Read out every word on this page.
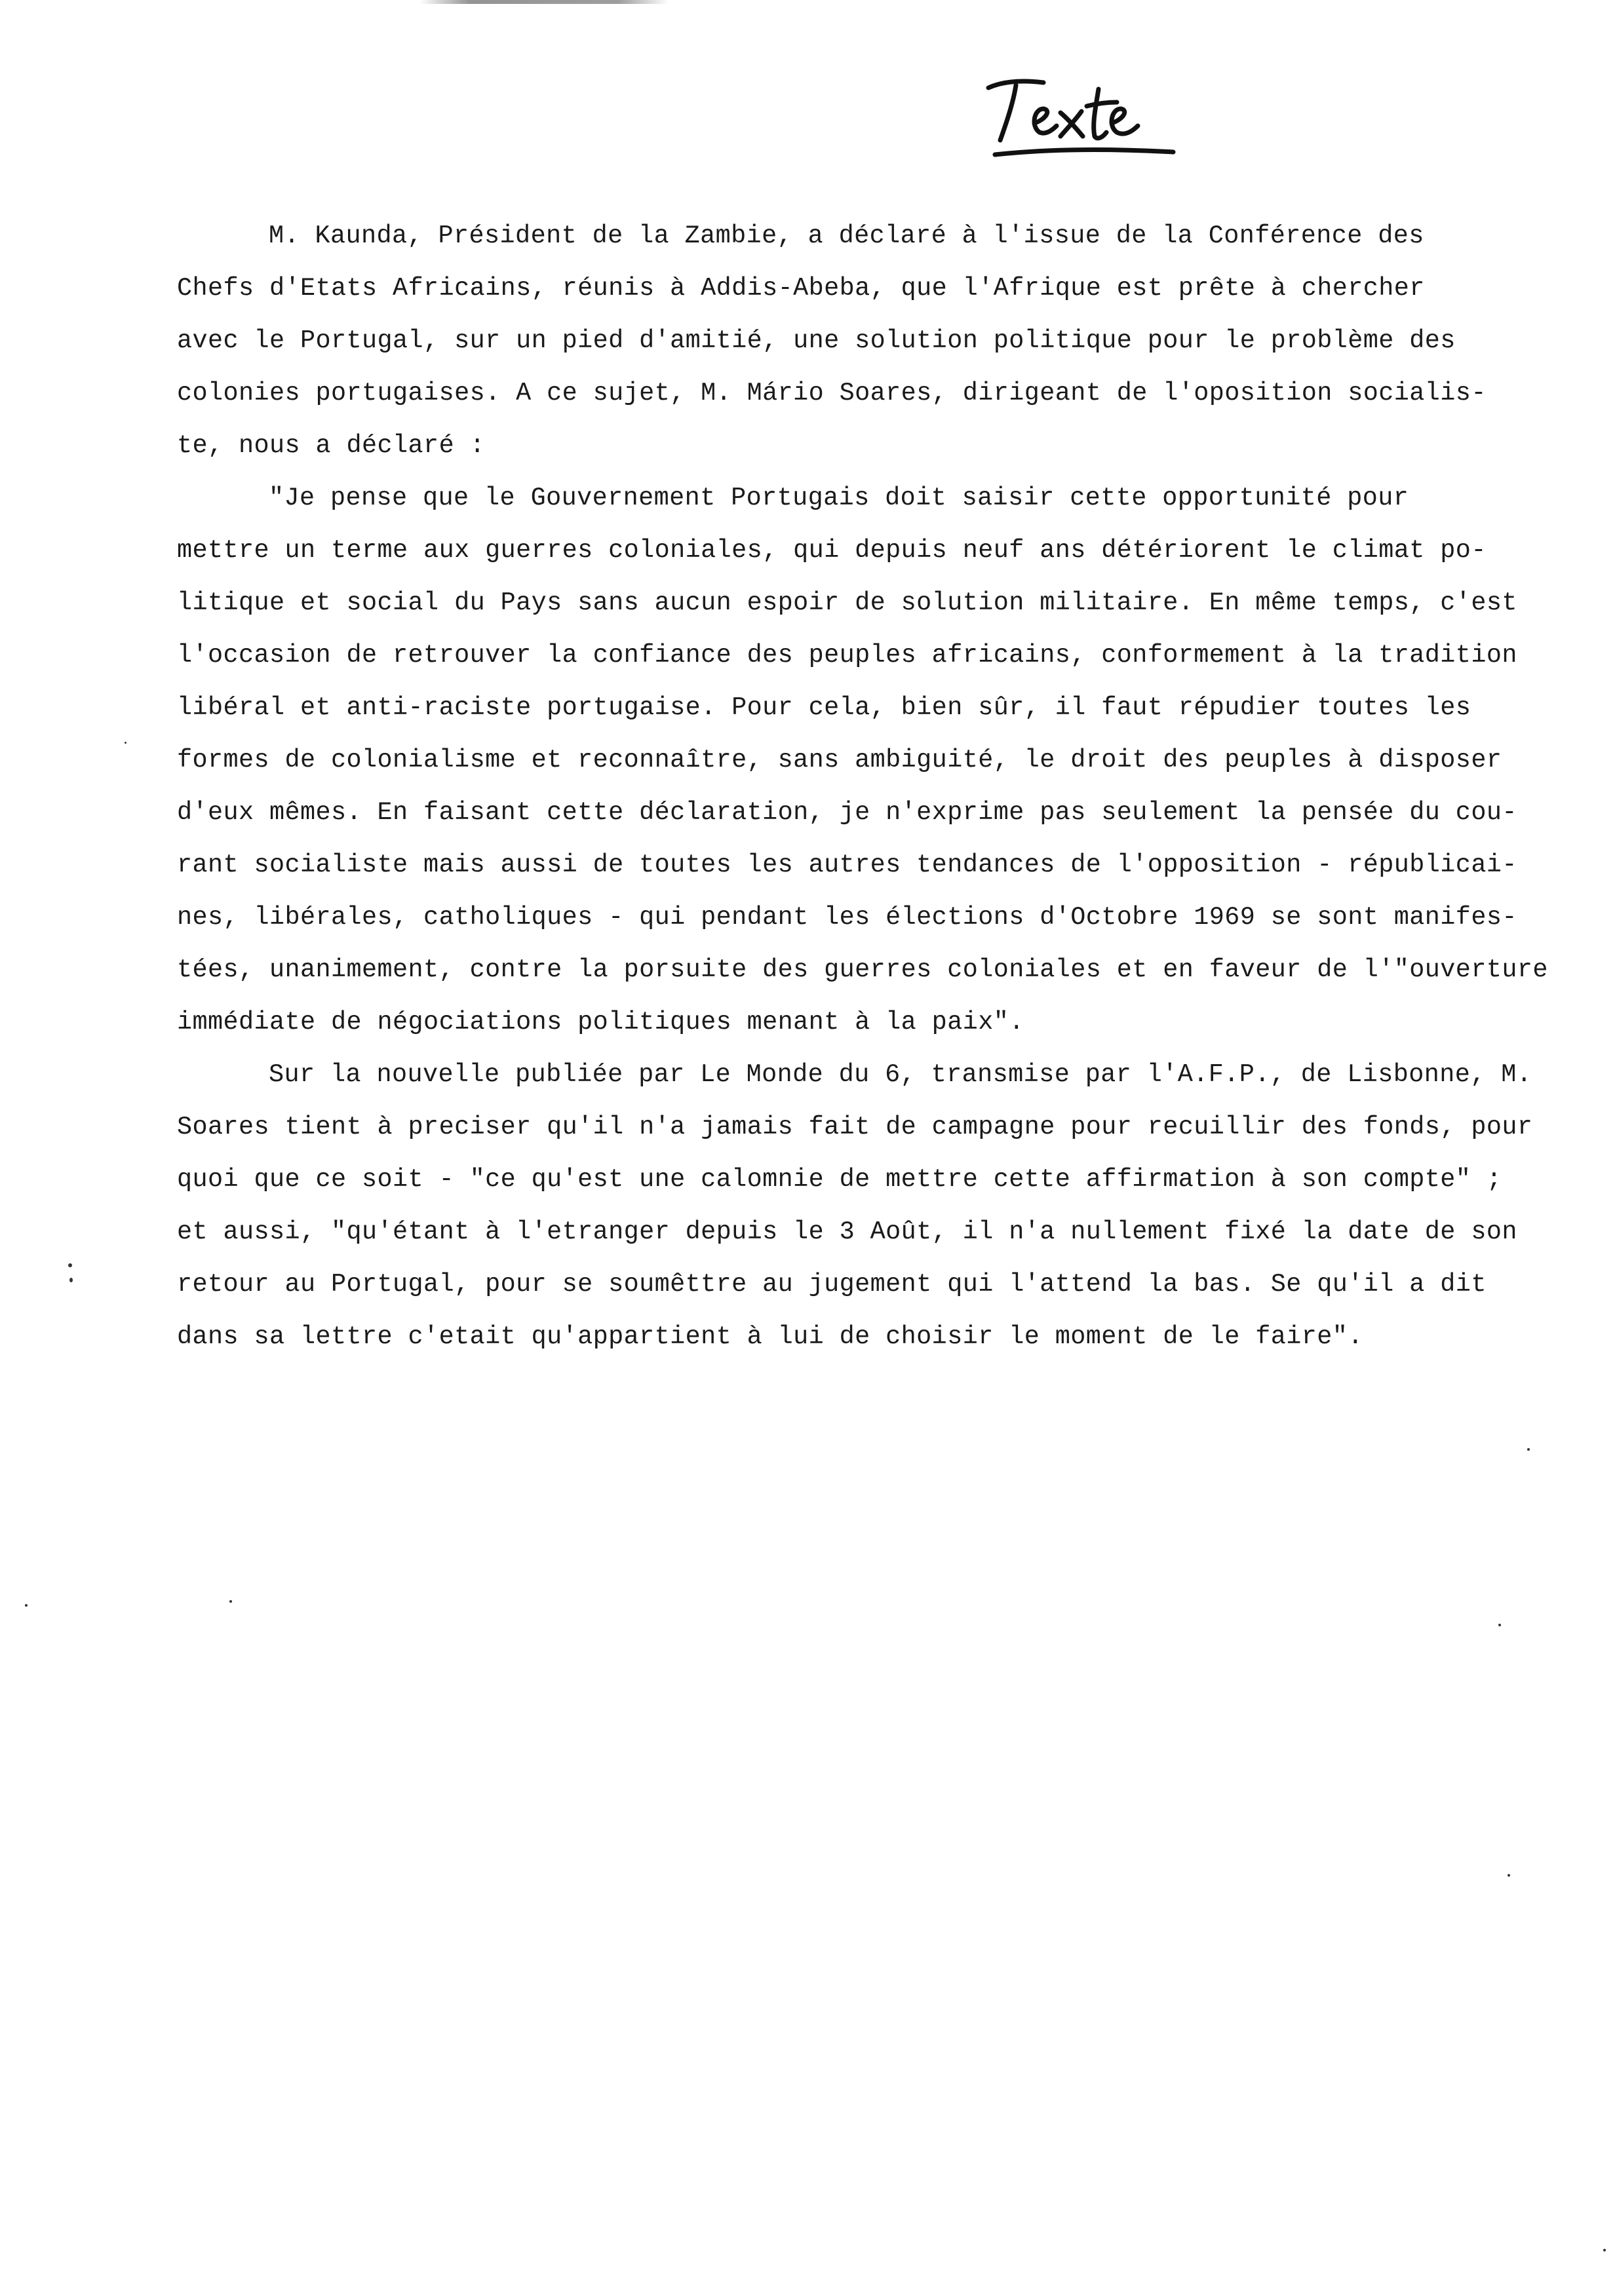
M. Kaunda, Président de la Zambie, a déclaré à l'issue de la Conférence des
Chefs d'Etats Africains, réunis à Addis-Abeba, que l'Afrique est prête à chercher
avec le Portugal, sur un pied d'amitié, une solution politique pour le problème des
colonies portugaises. A ce sujet, M. Mário Soares, dirigeant de l'oposition socialis-
te, nous a déclaré :
"Je pense que le Gouvernement Portugais doit saisir cette opportunité pour
mettre un terme aux guerres coloniales, qui depuis neuf ans détériorent le climat po-
litique et social du Pays sans aucun espoir de solution militaire. En même temps, c'est
l'occasion de retrouver la confiance des peuples africains, conformement à la tradition
libéral et anti-raciste portugaise. Pour cela, bien sûr, il faut répudier toutes les
formes de colonialisme et reconnaître, sans ambiguité, le droit des peuples à disposer
d'eux mêmes. En faisant cette déclaration, je n'exprime pas seulement la pensée du cou-
rant socialiste mais aussi de toutes les autres tendances de l'opposition - républicai-
nes, libérales, catholiques - qui pendant les élections d'Octobre 1969 se sont manifes-
tées, unanimement, contre la porsuite des guerres coloniales et en faveur de l'"ouverture
immédiate de négociations politiques menant à la paix".
Sur la nouvelle publiée par Le Monde du 6, transmise par l'A.F.P., de Lisbonne, M.
Soares tient à preciser qu'il n'a jamais fait de campagne pour recuillir des fonds, pour
quoi que ce soit - "ce qu'est une calomnie de mettre cette affirmation à son compte" ;
et aussi, "qu'étant à l'etranger depuis le 3 Août, il n'a nullement fixé la date de son
retour au Portugal, pour se soumêttre au jugement qui l'attend la bas. Se qu'il a dit
dans sa lettre c'etait qu'appartient à lui de choisir le moment de le faire".
